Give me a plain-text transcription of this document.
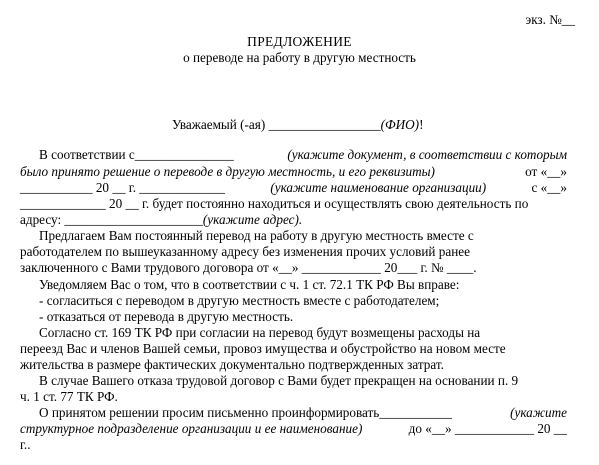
экз. №__
ПРЕДЛОЖЕНИЕ
о переводе на работу в другую местность
Уважаемый (-ая) _________________(ФИО)!
В соответствии с_______________	(укажите документ, в соответствии с которым
было принято решение о переводе в другую местность, и его реквизиты)	от «__»
___________ 20 __ г. _____________	(укажите наименование организации)	с «__»
_____________ 20 __ г. будет постоянно находиться и осуществлять свою деятельность по
адресу: _____________________(укажите адрес).
Предлагаем Вам постоянный перевод на работу в другую местность вместе с
работодателем по вышеуказанному адресу без изменения прочих условий ранее
заключенного с Вами трудового договора от «__» ____________ 20___ г. № ____.
Уведомляем Вас о том, что в соответствии с ч. 1 ст. 72.1 ТК РФ Вы вправе:
- согласиться с переводом в другую местность вместе с работодателем;
- отказаться от перевода в другую местность.
Согласно ст. 169 ТК РФ при согласии на перевод будут возмещены расходы на
переезд Вас и членов Вашей семьи, провоз имущества и обустройство на новом месте
жительства в размере фактических документально подтвержденных затрат.
В случае Вашего отказа трудовой договор с Вами будет прекращен на основании п. 9
ч. 1 ст. 77 ТК РФ.
О принятом решении просим письменно проинформировать___________	(укажите
структурное подразделение организации и ее наименование)	до «__» ____________ 20 __
г..
